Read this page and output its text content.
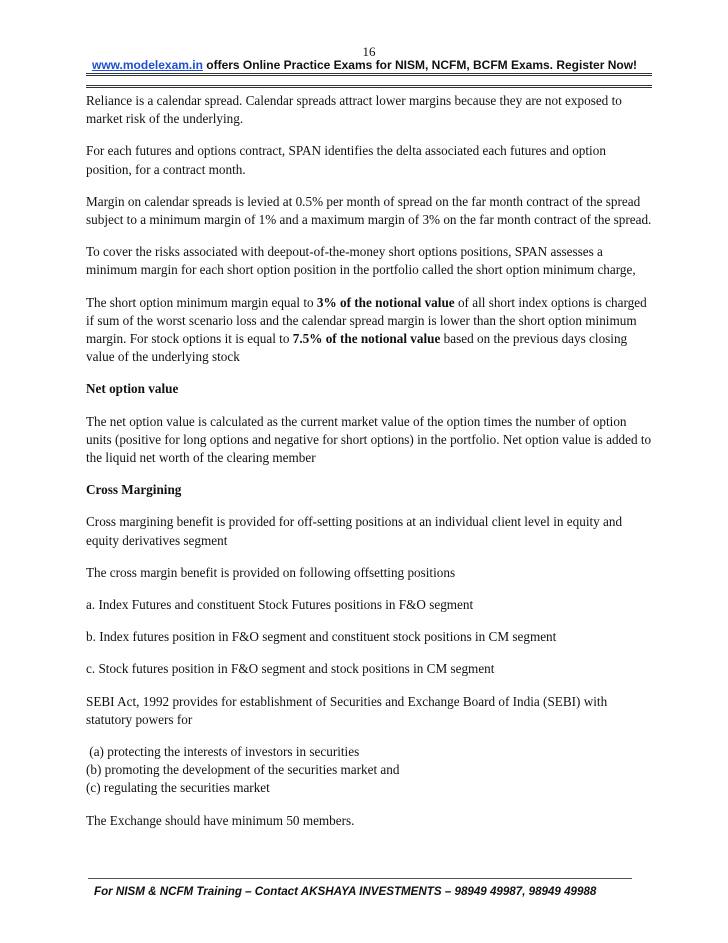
16
www.modelexam.in offers Online Practice Exams for NISM, NCFM, BCFM Exams. Register Now!

Reliance is a calendar spread. Calendar spreads attract lower margins because they are not exposed to market risk of the underlying.

For each futures and options contract, SPAN identifies the delta associated each futures and option position, for a contract month.

Margin on calendar spreads is levied at 0.5% per month of spread on the far month contract of the spread subject to a minimum margin of 1% and a maximum margin of 3% on the far month contract of the spread.

To cover the risks associated with deepout-of-the-money short options positions, SPAN assesses a minimum margin for each short option position in the portfolio called the short option minimum charge,

The short option minimum margin equal to 3% of the notional value of all short index options is charged if sum of the worst scenario loss and the calendar spread margin is lower than the short option minimum margin. For stock options it is equal to 7.5% of the notional value based on the previous days closing value of the underlying stock

Net option value

The net option value is calculated as the current market value of the option times the number of option units (positive for long options and negative for short options) in the portfolio. Net option value is added to the liquid net worth of the clearing member

Cross Margining

Cross margining benefit is provided for off-setting positions at an individual client level in equity and equity derivatives segment

The cross margin benefit is provided on following offsetting positions

a. Index Futures and constituent Stock Futures positions in F&O segment

b. Index futures position in F&O segment and constituent stock positions in CM segment

c. Stock futures position in F&O segment and stock positions in CM segment

SEBI Act, 1992 provides for establishment of Securities and Exchange Board of India (SEBI) with statutory powers for

(a) protecting the interests of investors in securities

(b) promoting the development of the securities market and

(c) regulating the securities market

The Exchange should have minimum 50 members.

For NISM & NCFM Training – Contact AKSHAYA INVESTMENTS – 98949 49987, 98949 49988
